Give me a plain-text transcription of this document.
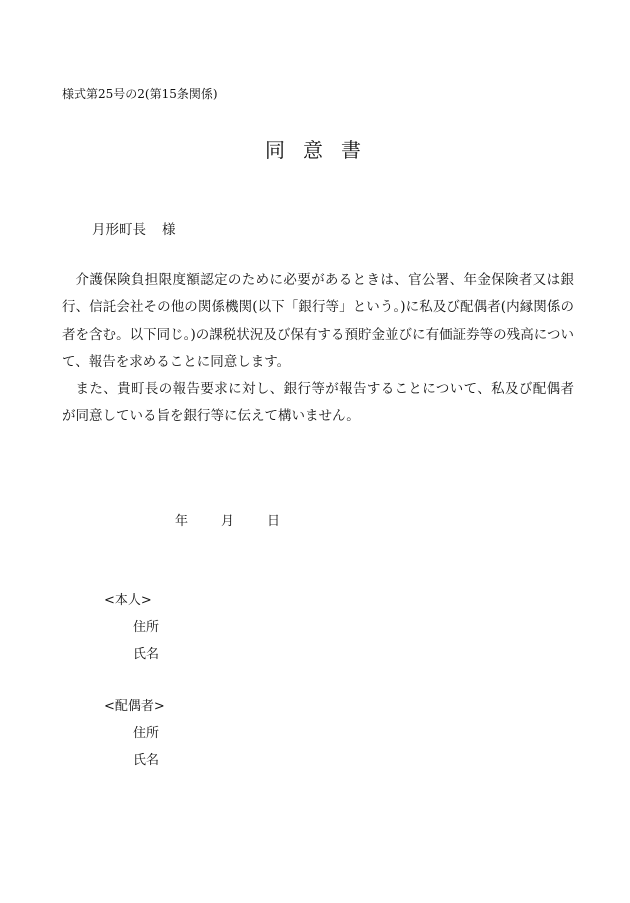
様式第25号の2(第15条関係)
同意書
月形町長 様

介護保険負担限度額認定のために必要があるときは、官公署、年金保険者又は銀行、信託会社その他の関係機関(以下「銀行等」という。)に私及び配偶者(内縁関係の者を含む。以下同じ。)の課税状況及び保有する預貯金並びに有価証券等の残高について、報告を求めることに同意します。

また、貴町長の報告要求に対し、銀行等が報告することについて、私及び配偶者が同意している旨を銀行等に伝えて構いません。

年	月	日
<本人>
住所
氏名
<配偶者>
住所
氏名
